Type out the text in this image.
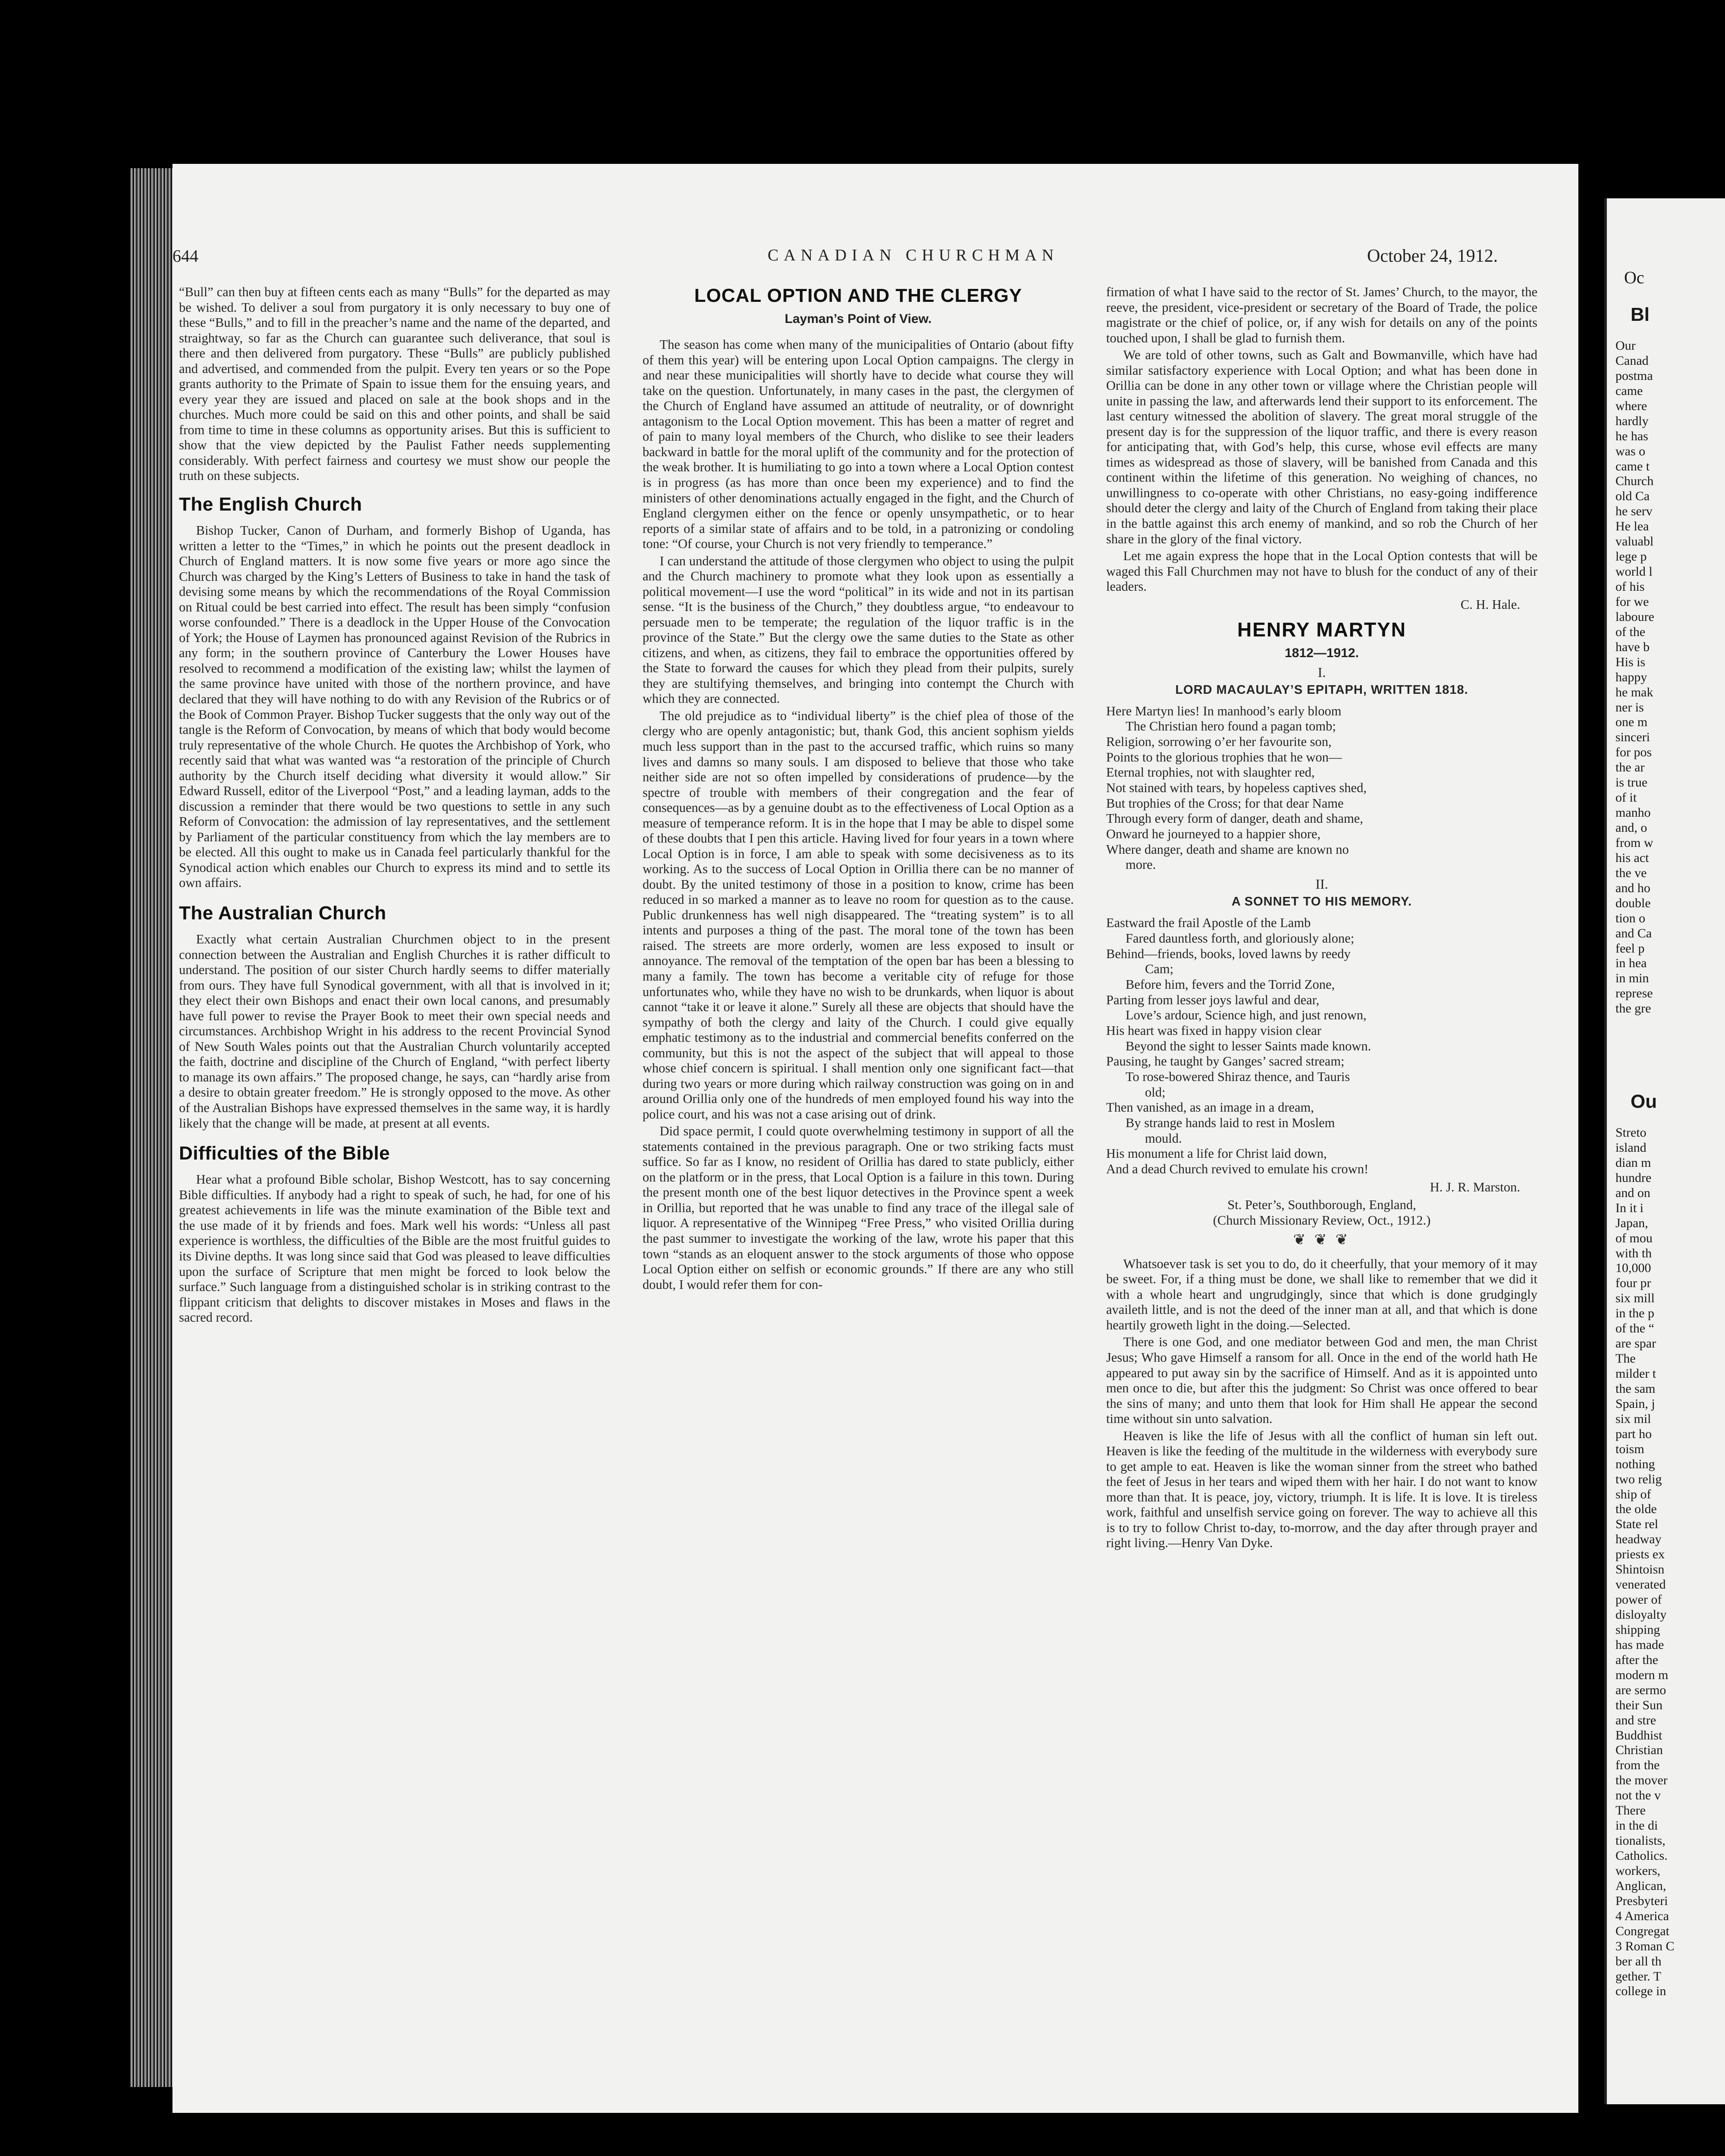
644	CANADIAN CHURCHMAN	October 24, 1912.

“Bull” can then buy at fifteen cents each as many “Bulls” for the departed as may be wished. To deliver a soul from purgatory it is only necessary to buy one of these “Bulls,” and to fill in the preacher’s name and the name of the departed, and straightway, so far as the Church can guarantee such deliverance, that soul is there and then delivered from purgatory. These “Bulls” are publicly published and advertised, and commended from the pulpit. Every ten years or so the Pope grants authority to the Primate of Spain to issue them for the ensuing years, and every year they are issued and placed on sale at the book shops and in the churches. Much more could be said on this and other points, and shall be said from time to time in these columns as opportunity arises. But this is sufficient to show that the view depicted by the Paulist Father needs supplementing considerably. With perfect fairness and courtesy we must show our people the truth on these subjects.

The English Church

Bishop Tucker, Canon of Durham, and formerly Bishop of Uganda, has written a letter to the “Times,” in which he points out the present deadlock in Church of England matters. It is now some five years or more ago since the Church was charged by the King’s Letters of Business to take in hand the task of devising some means by which the recommendations of the Royal Commission on Ritual could be best carried into effect. The result has been simply “confusion worse confounded.” There is a deadlock in the Upper House of the Convocation of York; the House of Laymen has pronounced against Revision of the Rubrics in any form; in the southern province of Canterbury the Lower Houses have resolved to recommend a modification of the existing law; whilst the laymen of the same province have united with those of the northern province, and have declared that they will have nothing to do with any Revision of the Rubrics or of the Book of Common Prayer. Bishop Tucker suggests that the only way out of the tangle is the Reform of Convocation, by means of which that body would become truly representative of the whole Church. He quotes the Archbishop of York, who recently said that what was wanted was “a restoration of the principle of Church authority by the Church itself deciding what diversity it would allow.” Sir Edward Russell, editor of the Liverpool “Post,” and a leading layman, adds to the discussion a reminder that there would be two questions to settle in any such Reform of Convocation: the admission of lay representatives, and the settlement by Parliament of the particular constituency from which the lay members are to be elected. All this ought to make us in Canada feel particularly thankful for the Synodical action which enables our Church to express its mind and to settle its own affairs.

The Australian Church

Exactly what certain Australian Churchmen object to in the present connection between the Australian and English Churches it is rather difficult to understand. The position of our sister Church hardly seems to differ materially from ours. They have full Synodical government, with all that is involved in it; they elect their own Bishops and enact their own local canons, and presumably have full power to revise the Prayer Book to meet their own special needs and circumstances. Archbishop Wright in his address to the recent Provincial Synod of New South Wales points out that the Australian Church voluntarily accepted the faith, doctrine and discipline of the Church of England, “with perfect liberty to manage its own affairs.” The proposed change, he says, can “hardly arise from a desire to obtain greater freedom.” He is strongly opposed to the move. As other of the Australian Bishops have expressed themselves in the same way, it is hardly likely that the change will be made, at present at all events.

Difficulties of the Bible

Hear what a profound Bible scholar, Bishop Westcott, has to say concerning Bible difficulties. If anybody had a right to speak of such, he had, for one of his greatest achievements in life was the minute examination of the Bible text and the use made of it by friends and foes. Mark well his words: “Unless all past experience is worthless, the difficulties of the Bible are the most fruitful guides to its Divine depths. It was long since said that God was pleased to leave difficulties upon the surface of Scripture that men might be forced to look below the surface.” Such language from a distinguished scholar is in striking contrast to the flippant criticism that delights to discover mistakes in Moses and flaws in the sacred record.

LOCAL OPTION AND THE CLERGY
Layman’s Point of View.

The season has come when many of the municipalities of Ontario (about fifty of them this year) will be entering upon Local Option campaigns. The clergy in and near these municipalities will shortly have to decide what course they will take on the question. Unfortunately, in many cases in the past, the clergymen of the Church of England have assumed an attitude of neutrality, or of downright antagonism to the Local Option movement. This has been a matter of regret and of pain to many loyal members of the Church, who dislike to see their leaders backward in battle for the moral uplift of the community and for the protection of the weak brother. It is humiliating to go into a town where a Local Option contest is in progress (as has more than once been my experience) and to find the ministers of other denominations actually engaged in the fight, and the Church of England clergymen either on the fence or openly unsympathetic, or to hear reports of a similar state of affairs and to be told, in a patronizing or condoling tone: “Of course, your Church is not very friendly to temperance.”

I can understand the attitude of those clergymen who object to using the pulpit and the Church machinery to promote what they look upon as essentially a political movement—I use the word “political” in its wide and not in its partisan sense. “It is the business of the Church,” they doubtless argue, “to endeavour to persuade men to be temperate; the regulation of the liquor traffic is in the province of the State.” But the clergy owe the same duties to the State as other citizens, and when, as citizens, they fail to embrace the opportunities offered by the State to forward the causes for which they plead from their pulpits, surely they are stultifying themselves, and bringing into contempt the Church with which they are connected.

The old prejudice as to “individual liberty” is the chief plea of those of the clergy who are openly antagonistic; but, thank God, this ancient sophism yields much less support than in the past to the accursed traffic, which ruins so many lives and damns so many souls. I am disposed to believe that those who take neither side are not so often impelled by considerations of prudence—by the spectre of trouble with members of their congregation and the fear of consequences—as by a genuine doubt as to the effectiveness of Local Option as a measure of temperance reform. It is in the hope that I may be able to dispel some of these doubts that I pen this article. Having lived for four years in a town where Local Option is in force, I am able to speak with some decisiveness as to its working. As to the success of Local Option in Orillia there can be no manner of doubt. By the united testimony of those in a position to know, crime has been reduced in so marked a manner as to leave no room for question as to the cause. Public drunkenness has well nigh disappeared. The “treating system” is to all intents and purposes a thing of the past. The moral tone of the town has been raised. The streets are more orderly, women are less exposed to insult or annoyance. The removal of the temptation of the open bar has been a blessing to many a family. The town has become a veritable city of refuge for those unfortunates who, while they have no wish to be drunkards, when liquor is about cannot “take it or leave it alone.” Surely all these are objects that should have the sympathy of both the clergy and laity of the Church. I could give equally emphatic testimony as to the industrial and commercial benefits conferred on the community, but this is not the aspect of the subject that will appeal to those whose chief concern is spiritual. I shall mention only one significant fact—that during two years or more during which railway construction was going on in and around Orillia only one of the hundreds of men employed found his way into the police court, and his was not a case arising out of drink.

Did space permit, I could quote overwhelming testimony in support of all the statements contained in the previous paragraph. One or two striking facts must suffice. So far as I know, no resident of Orillia has dared to state publicly, either on the platform or in the press, that Local Option is a failure in this town. During the present month one of the best liquor detectives in the Province spent a week in Orillia, but reported that he was unable to find any trace of the illegal sale of liquor. A representative of the Winnipeg “Free Press,” who visited Orillia during the past summer to investigate the working of the law, wrote his paper that this town “stands as an eloquent answer to the stock arguments of those who oppose Local Option either on selfish or economic grounds.” If there are any who still doubt, I would refer them for con-

firmation of what I have said to the rector of St. James’ Church, to the mayor, the reeve, the president, vice-president or secretary of the Board of Trade, the police magistrate or the chief of police, or, if any wish for details on any of the points touched upon, I shall be glad to furnish them.

We are told of other towns, such as Galt and Bowmanville, which have had similar satisfactory experience with Local Option; and what has been done in Orillia can be done in any other town or village where the Christian people will unite in passing the law, and afterwards lend their support to its enforcement. The last century witnessed the abolition of slavery. The great moral struggle of the present day is for the suppression of the liquor traffic, and there is every reason for anticipating that, with God’s help, this curse, whose evil effects are many times as widespread as those of slavery, will be banished from Canada and this continent within the lifetime of this generation. No weighing of chances, no unwillingness to co-operate with other Christians, no easy-going indifference should deter the clergy and laity of the Church of England from taking their place in the battle against this arch enemy of mankind, and so rob the Church of her share in the glory of the final victory.

Let me again express the hope that in the Local Option contests that will be waged this Fall Churchmen may not have to blush for the conduct of any of their leaders.

C. H. Hale.
HENRY MARTYN
1812—1912.
I.
LORD MACAULAY’S EPITAPH, WRITTEN 1818.
Here Martyn lies! In manhood’s early bloom
The Christian hero found a pagan tomb;
Religion, sorrowing o’er her favourite son,
Points to the glorious trophies that he won—
Eternal trophies, not with slaughter red,
Not stained with tears, by hopeless captives shed,
But trophies of the Cross; for that dear Name
Through every form of danger, death and shame,
Onward he journeyed to a happier shore,
Where danger, death and shame are known no
more.
II.
A SONNET TO HIS MEMORY.
Eastward the frail Apostle of the Lamb
Fared dauntless forth, and gloriously alone;
Behind—friends, books, loved lawns by reedy
Cam;
Before him, fevers and the Torrid Zone,
Parting from lesser joys lawful and dear,
Love’s ardour, Science high, and just renown,
His heart was fixed in happy vision clear
Beyond the sight to lesser Saints made known.
Pausing, he taught by Ganges’ sacred stream;
To rose-bowered Shiraz thence, and Tauris
old;
Then vanished, as an image in a dream,
By strange hands laid to rest in Moslem
mould.
His monument a life for Christ laid down,
And a dead Church revived to emulate his crown!
H. J. R. Marston.
St. Peter’s, Southborough, England,
(Church Missionary Review, Oct., 1912.)
❦ ❦ ❦

Whatsoever task is set you to do, do it cheerfully, that your memory of it may be sweet. For, if a thing must be done, we shall like to remember that we did it with a whole heart and ungrudgingly, since that which is done grudgingly availeth little, and is not the deed of the inner man at all, and that which is done heartily groweth light in the doing.—Selected.

There is one God, and one mediator between God and men, the man Christ Jesus; Who gave Himself a ransom for all. Once in the end of the world hath He appeared to put away sin by the sacrifice of Himself. And as it is appointed unto men once to die, but after this the judgment: So Christ was once offered to bear the sins of many; and unto them that look for Him shall He appear the second time without sin unto salvation.

Heaven is like the life of Jesus with all the conflict of human sin left out. Heaven is like the feeding of the multitude in the wilderness with everybody sure to get ample to eat. Heaven is like the woman sinner from the street who bathed the feet of Jesus in her tears and wiped them with her hair. I do not want to know more than that. It is peace, joy, victory, triumph. It is life. It is love. It is tireless work, faithful and unselfish service going on forever. The way to achieve all this is to try to follow Christ to-day, to-morrow, and the day after through prayer and right living.—Henry Van Dyke.

Oc
Bl
Our
Canad
postma
came
where
hardly
he has
was o
came t
Church
old Ca
he serv
He lea
valuabl
lege p
world l
of his
for we
laboure
of the
have b
His is
happy
he mak
ner is
one m
sinceri
for pos
the ar
is true
of it
manho
and, o
from w
his act
the ve
and ho
double
tion o
and Ca
feel p
in hea
in min
represe
the gre
Ou
Streto
island
dian m
hundre
and on
In it i
Japan,
of mou
with th
10,000
four pr
six mill
in the p
of the “
are spar
The
milder t
the sam
Spain, j
six mil
part ho
toism
nothing
two relig
ship of
the olde
State rel
headway
priests ex
Shintoisn
venerated
power of
disloyalty
shipping
has made
after the
modern m
are sermo
their Sun
and stre
Buddhist
Christian
from the
the mover
not the v
There
in the di
tionalists,
Catholics.
workers,
Anglican,
Presbyteri
4 America
Congregat
3 Roman C
ber all th
gether. T
college in
